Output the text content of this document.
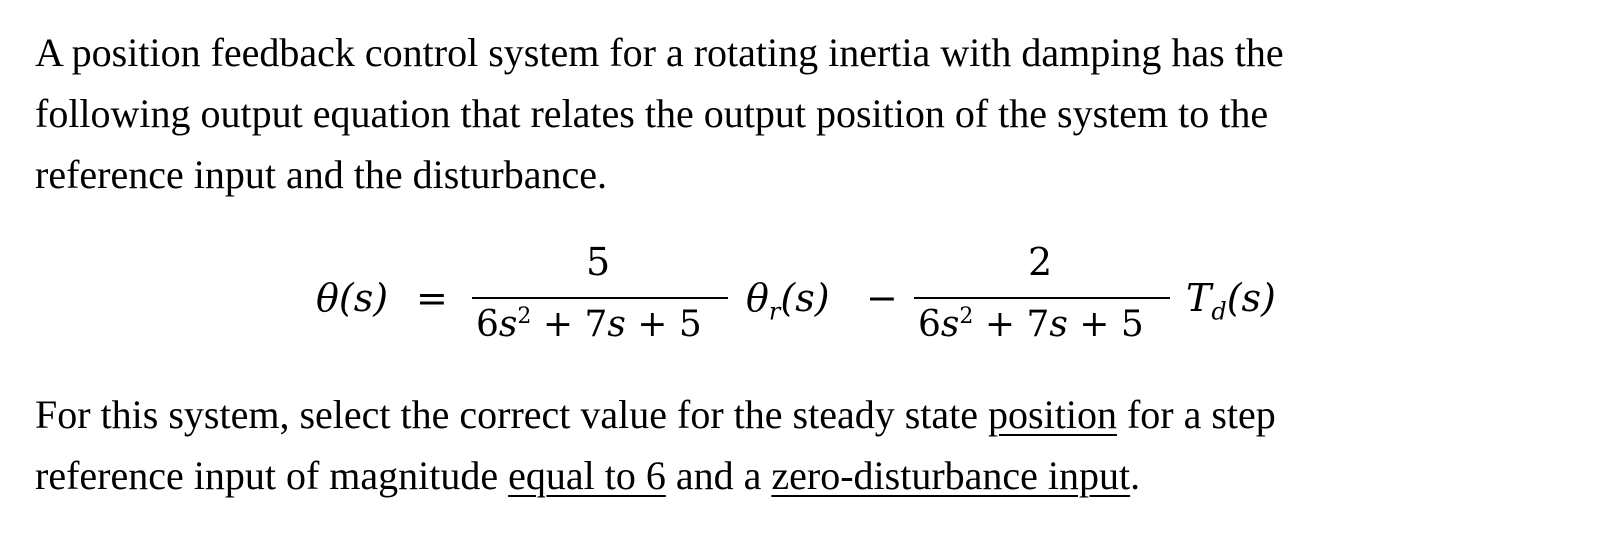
A position feedback control system for a rotating inertia with damping has the
following output equation that relates the output position of the system to the
reference input and the disturbance.
θ(s) =
5
$6s^2 + 7s + 5$
$\theta_r(s)$ −
2
$6s^2 + 7s + 5$
$T_d(s)$
For this system, select the correct value for the steady state position for a step
reference input of magnitude equal to 6 and a zero-disturbance input.
